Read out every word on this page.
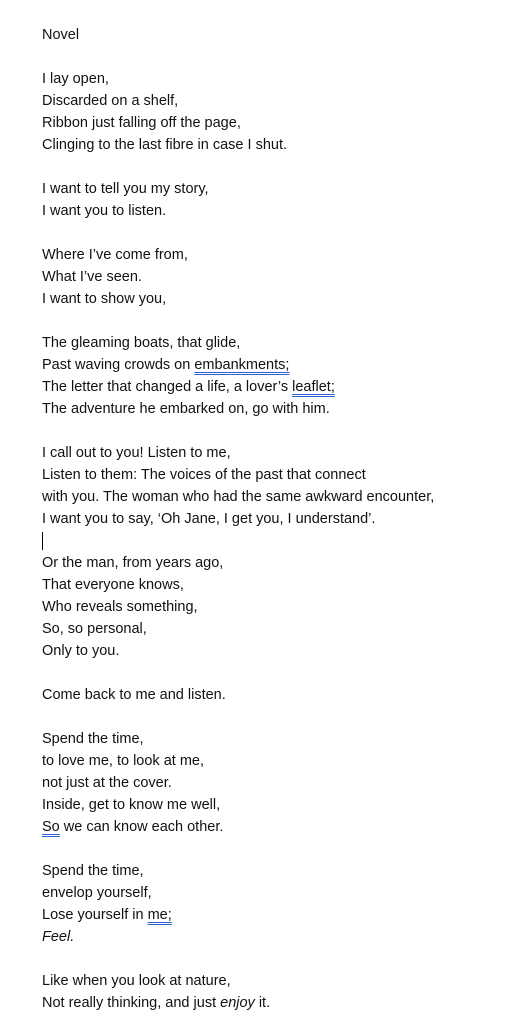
Novel
I lay open,
Discarded on a shelf,
Ribbon just falling off the page,
Clinging to the last fibre in case I shut.
I want to tell you my story,
I want you to listen.
Where I’ve come from,
What I’ve seen.
I want to show you,
The gleaming boats, that glide,
Past waving crowds on embankments;
The letter that changed a life, a lover’s leaflet;
The adventure he embarked on, go with him.
I call out to you! Listen to me,
Listen to them: The voices of the past that connect
with you. The woman who had the same awkward encounter,
I want you to say, ‘Oh Jane, I get you, I understand’.
Or the man, from years ago,
That everyone knows,
Who reveals something,
So, so personal,
Only to you.
Come back to me and listen.
Spend the time,
to love me, to look at me,
not just at the cover.
Inside, get to know me well,
So we can know each other.
Spend the time,
envelop yourself,
Lose yourself in me;
Feel.
Like when you look at nature,
Not really thinking, and just enjoy it.
